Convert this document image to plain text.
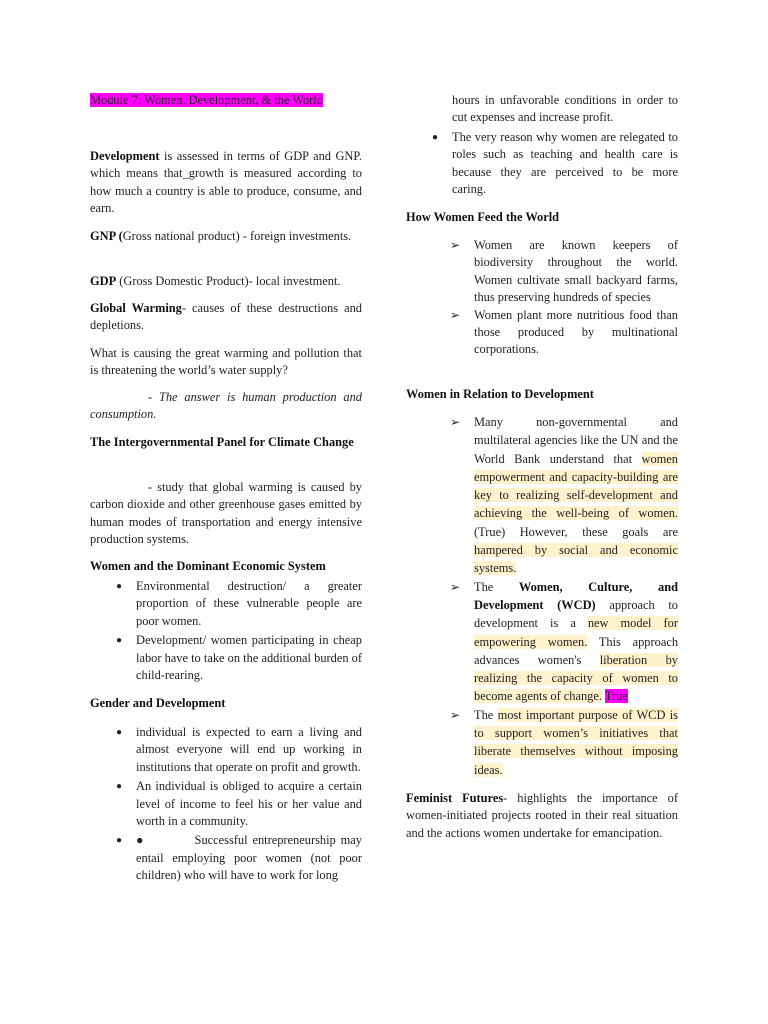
Module 7: Women, Development, & the World

Development is assessed in terms of GDP and GNP. which means that_growth is measured according to how much a country is able to produce, consume, and earn.

GNP (Gross national product) - foreign investments.

GDP (Gross Domestic Product)- local investment.

Global Warming- causes of these destructions and depletions.

What is causing the great warming and pollution that is threatening the world’s water supply?

- The answer is human production and consumption.

The Intergovernmental Panel for Climate Change

- study that global warming is caused by carbon dioxide and other greenhouse gases emitted by human modes of transportation and energy intensive production systems.

Women and the Dominant Economic System

● Environmental destruction/ a greater proportion of these vulnerable people are poor women.
● Development/ women participating in cheap labor have to take on the additional burden of child-rearing.

Gender and Development

● individual is expected to earn a living and almost everyone will end up working in institutions that operate on profit and growth.
● An individual is obliged to acquire a certain level of income to feel his or her value and worth in a community.
● ●          Successful entrepreneurship may entail employing poor women (not poor children) who will have to work for long

hours in unfavorable conditions in order to cut expenses and increase profit.

● The very reason why women are relegated to roles such as teaching and health care is because they are perceived to be more caring.

How Women Feed the World

➢ Women are known keepers of biodiversity throughout the world. Women cultivate small backyard farms, thus preserving hundreds of species
➢ Women plant more nutritious food than those produced by multinational corporations.

Women in Relation to Development

➢ Many non-governmental and multilateral agencies like the UN and the World Bank understand that women empowerment and capacity-building are key to realizing self-development and achieving the well-being of women. (True) However, these goals are hampered by social and economic systems.
➢ The Women, Culture, and Development (WCD) approach to development is a new model for empowering women. This approach advances women's liberation by realizing the capacity of women to become agents of change. True
➢ The most important purpose of WCD is to support women’s initiatives that liberate themselves without imposing ideas.

Feminist Futures- highlights the importance of women-initiated projects rooted in their real situation and the actions women undertake for emancipation.
